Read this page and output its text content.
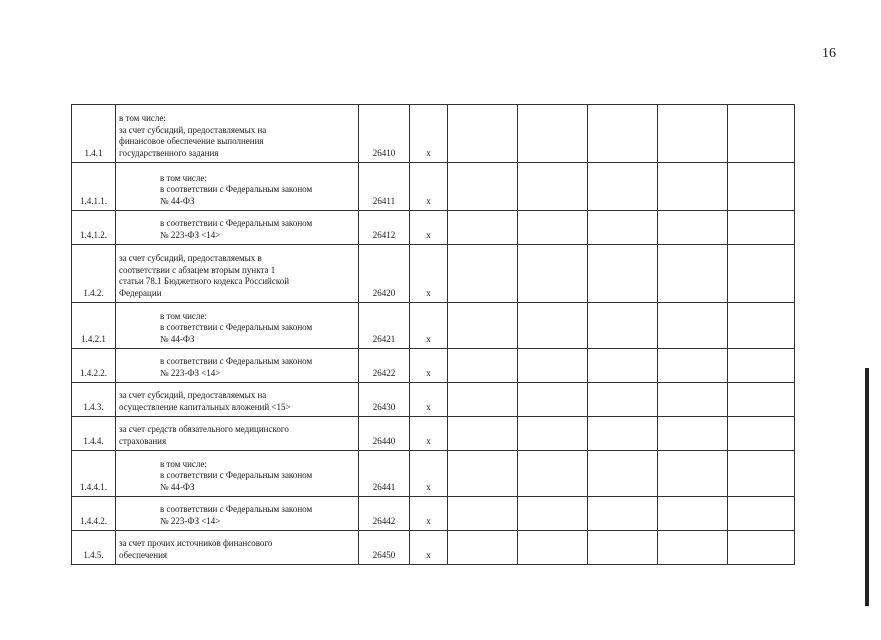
16
1.4.1	в том числе:
за счет субсидий, предоставляемых на
финансовое обеспечение выполнения
государственного задания	26410	x					
1.4.1.1.	в том числе:
в соответствии с Федеральным законом
№ 44-ФЗ	26411	x					
1.4.1.2.	в соответствии с Федеральным законом
№ 223-ФЗ <14>	26412	x					
1.4.2.	за счет субсидий, предоставляемых в
соответствии с абзацем вторым пункта 1
статьи 78.1 Бюджетного кодекса Российской
Федерации	26420	x					
1.4.2.1	в том числе:
в соответствии с Федеральным законом
№ 44-ФЗ	26421	x					
1.4.2.2.	в соответствии с Федеральным законом
№ 223-ФЗ <14>	26422	x					
1.4.3.	за счет субсидий, предоставляемых на
осуществление капитальных вложений <15>	26430	x					
1.4.4.	за счет средств обязательного медицинского
страхования	26440	x					
1.4.4.1.	в том числе:
в соответствии с Федеральным законом
№ 44-ФЗ	26441	x					
1.4.4.2.	в соответствии с Федеральным законом
№ 223-ФЗ <14>	26442	x					
1.4.5.	за счет прочих источников финансового
обеспечения	26450	x					
